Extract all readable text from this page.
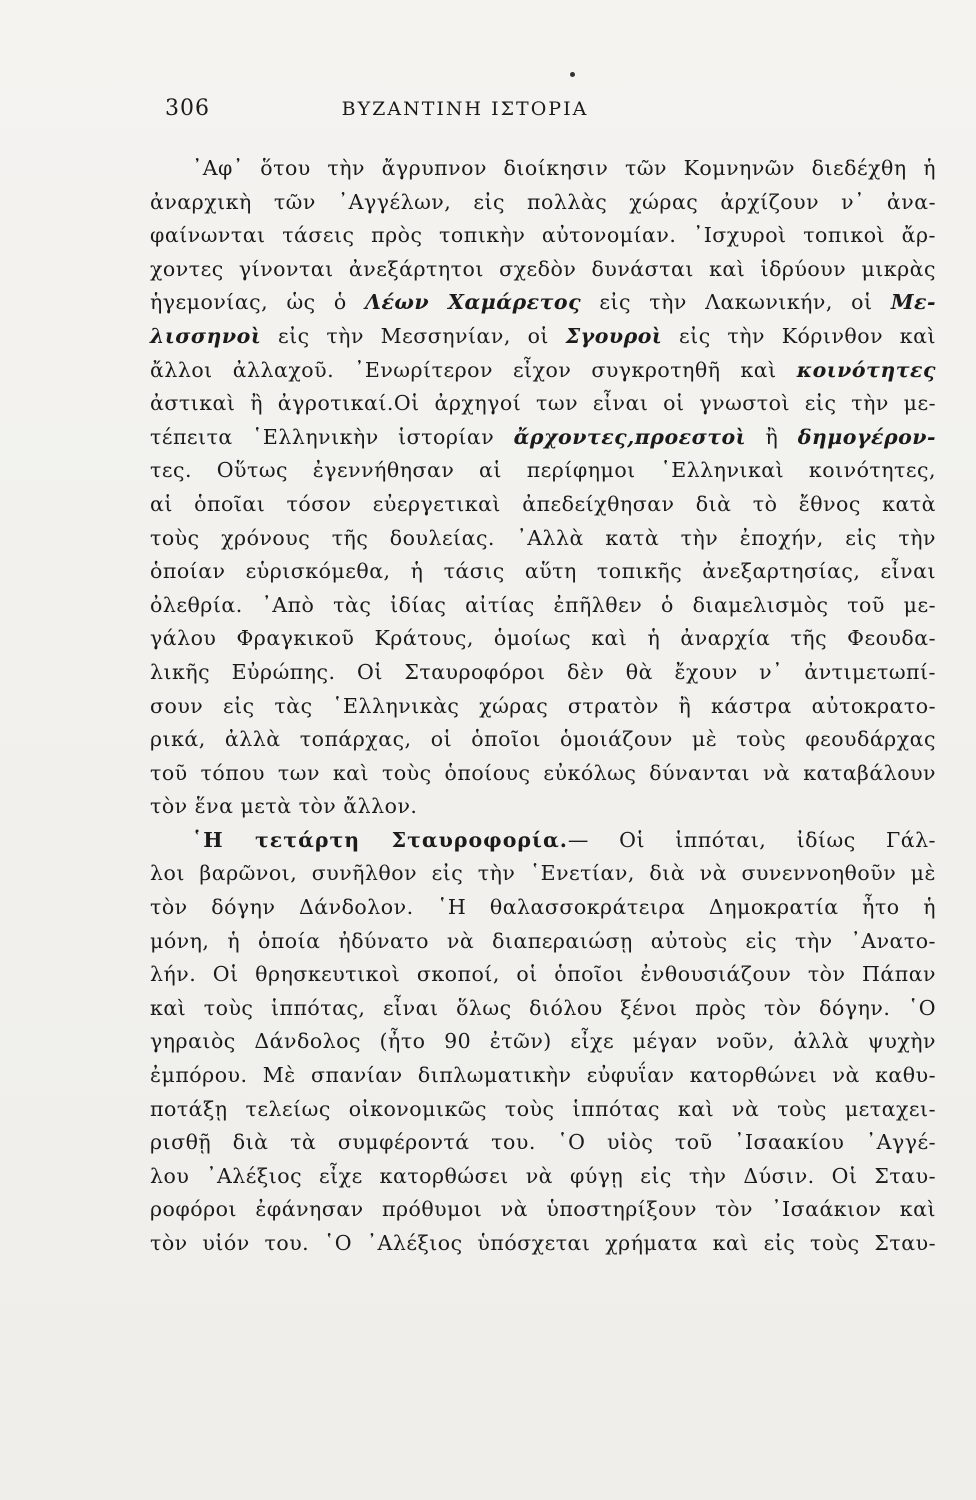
306	ΒΥΖΑΝΤΙΝΗ ΙΣΤΟΡΙΑ
᾿Αφ᾿ ὅτου τὴν ἄγρυπνον διοίκησιν τῶν Κομνηνῶν διεδέχθη ἡ
ἀναρχικὴ τῶν ᾿Αγγέλων, εἰς πολλὰς χώρας ἀρχίζουν ν᾿ ἀνα-
φαίνωνται τάσεις πρὸς τοπικὴν αὐτονομίαν. ᾿Ισχυροὶ τοπικοὶ ἄρ-
χοντες γίνονται ἀνεξάρτητοι σχεδὸν δυνάσται καὶ ἱδρύουν μικρὰς
ἡγεμονίας, ὡς ὁ Λέων Χαμάρετος εἰς τὴν Λακωνικήν, οἱ Με-
λισσηνοὶ εἰς τὴν Μεσσηνίαν, οἱ Σγουροὶ εἰς τὴν Κόρινθον καὶ
ἄλλοι ἀλλαχοῦ. ᾿Ενωρίτερον εἶχον συγκροτηθῆ καὶ κοινότητες
ἀστικαὶ ἢ ἀγροτικαί.Οἱ ἀρχηγοί των εἶναι οἱ γνωστοὶ εἰς τὴν με-
τέπειτα ῾Ελληνικὴν ἱστορίαν ἄρχοντες,προεστοὶ ἢ δημογέρον-
τες. Οὕτως ἐγεννήθησαν αἱ περίφημοι ῾Ελληνικαὶ κοινότητες,
αἱ ὁποῖαι τόσον εὐεργετικαὶ ἀπεδείχθησαν διὰ τὸ ἔθνος κατὰ
τοὺς χρόνους τῆς δουλείας. ᾿Αλλὰ κατὰ τὴν ἐποχήν, εἰς τὴν
ὁποίαν εὑρισκόμεθα, ἡ τάσις αὕτη τοπικῆς ἀνεξαρτησίας, εἶναι
ὀλεθρία. ᾿Απὸ τὰς ἰδίας αἰτίας ἐπῆλθεν ὁ διαμελισμὸς τοῦ με-
γάλου Φραγκικοῦ Κράτους, ὁμοίως καὶ ἡ ἀναρχία τῆς Φεουδα-
λικῆς Εὐρώπης. Οἱ Σταυροφόροι δὲν θὰ ἔχουν ν᾿ ἀντιμετωπί-
σουν εἰς τὰς ῾Ελληνικὰς χώρας στρατὸν ἢ κάστρα αὐτοκρατο-
ρικά, ἀλλὰ τοπάρχας, οἱ ὁποῖοι ὁμοιάζουν μὲ τοὺς φεουδάρχας
τοῦ τόπου των καὶ τοὺς ὁποίους εὐκόλως δύνανται νὰ καταβάλουν
τὸν ἕνα μετὰ τὸν ἄλλον.
῾Η τετάρτη Σταυροφορία.— Οἱ ἱππόται, ἰδίως Γάλ-
λοι βαρῶνοι, συνῆλθον εἰς τὴν ῾Ενετίαν, διὰ νὰ συνεννοηθοῦν μὲ
τὸν δόγην Δάνδολον. ῾Η θαλασσοκράτειρα Δημοκρατία ἦτο ἡ
μόνη, ἡ ὁποία ἠδύνατο νὰ διαπεραιώσῃ αὐτοὺς εἰς τὴν ᾿Ανατο-
λήν. Οἱ θρησκευτικοὶ σκοποί, οἱ ὁποῖοι ἐνθουσιάζουν τὸν Πάπαν
καὶ τοὺς ἱππότας, εἶναι ὅλως διόλου ξένοι πρὸς τὸν δόγην. ῾Ο
γηραιὸς Δάνδολος (ἦτο 90 ἐτῶν) εἶχε μέγαν νοῦν, ἀλλὰ ψυχὴν
ἐμπόρου. Μὲ σπανίαν διπλωματικὴν εὐφυΐαν κατορθώνει νὰ καθυ-
ποτάξῃ τελείως οἰκονομικῶς τοὺς ἱππότας καὶ νὰ τοὺς μεταχει-
ρισθῇ διὰ τὰ συμφέροντά του. ῾Ο υἱὸς τοῦ ᾿Ισαακίου ᾿Αγγέ-
λου ᾿Αλέξιος εἶχε κατορθώσει νὰ φύγῃ εἰς τὴν Δύσιν. Οἱ Σταυ-
ροφόροι ἐφάνησαν πρόθυμοι νὰ ὑποστηρίξουν τὸν ᾿Ισαάκιον καὶ
τὸν υἱόν του. ῾Ο ᾿Αλέξιος ὑπόσχεται χρήματα καὶ εἰς τοὺς Σταυ-
